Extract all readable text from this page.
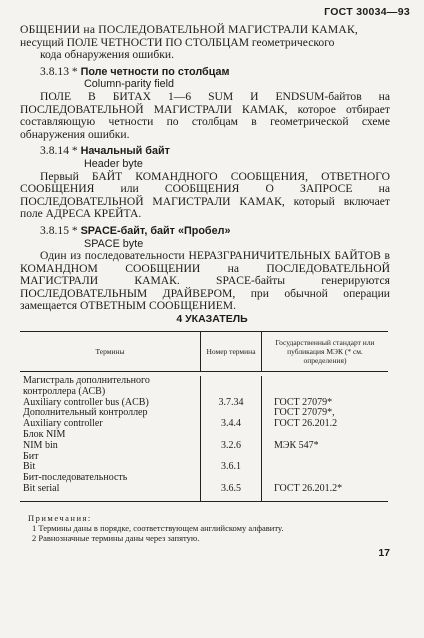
ГОСТ 30034—93

ОБЩЕНИИ на ПОСЛЕДОВАТЕЛЬНОЙ МАГИСТРАЛИ КАМАК,

несущий ПОЛЕ ЧЕТНОСТИ ПО СТОЛБЦАМ геометрического

кода обнаружения ошибки.

3.8.13 * Поле четности по столбцам

Column-parity field

ПОЛЕ В БИТАХ 1—6 SUM И ENDSUM-байтов на ПОСЛЕДОВАТЕЛЬНОЙ МАГИСТРАЛИ КАМАК, которое отбирает составляющую четности по столбцам в геометрической схеме обнаружения ошибки.

3.8.14 * Начальный байт

Header byte

Первый БАЙТ КОМАНДНОГО СООБЩЕНИЯ, ОТВЕТНОГО СООБЩЕНИЯ или СООБЩЕНИЯ О ЗАПРОСЕ на ПОСЛЕДОВАТЕЛЬНОЙ МАГИСТРАЛИ КАМАК, который включает поле АДРЕСА КРЕЙТА.

3.8.15 * SPACE-байт, байт «Пробел»

SPACE byte

Один из последовательности НЕРАЗГРАНИЧИТЕЛЬНЫХ БАЙТОВ в КОМАНДНОМ СООБЩЕНИИ на ПОСЛЕДОВАТЕЛЬНОЙ МАГИСТРАЛИ КАМАК. SPACE-байты генерируются ПОСЛЕДОВАТЕЛЬНЫМ ДРАЙВЕРОМ, при обычной операции замещается ОТВЕТНЫМ СООБЩЕНИЕМ.

4 УКАЗАТЕЛЬ
Термины	Номер термина	Государственный стандарт или публикация МЭК (* см. определения)

Магистраль дополнительного контроллера (АСВ)		
Auxiliary controller bus (ACB)	3.7.34	ГОСТ 27079*
Дополнительный контроллер		ГОСТ 27079*,
Auxiliary controller	3.4.4	ГОСТ 26.201.2
Блок NIM		
NIM bin	3.2.6	МЭК 547*
Бит		
Bit	3.6.1	
Бит-последовательность		
Bit serial	3.6.5	ГОСТ 26.201.2*

Примечания:

1 Термины даны в порядке, соответствующем английскому алфавиту.

2 Равнозначные термины даны через запятую.

17
